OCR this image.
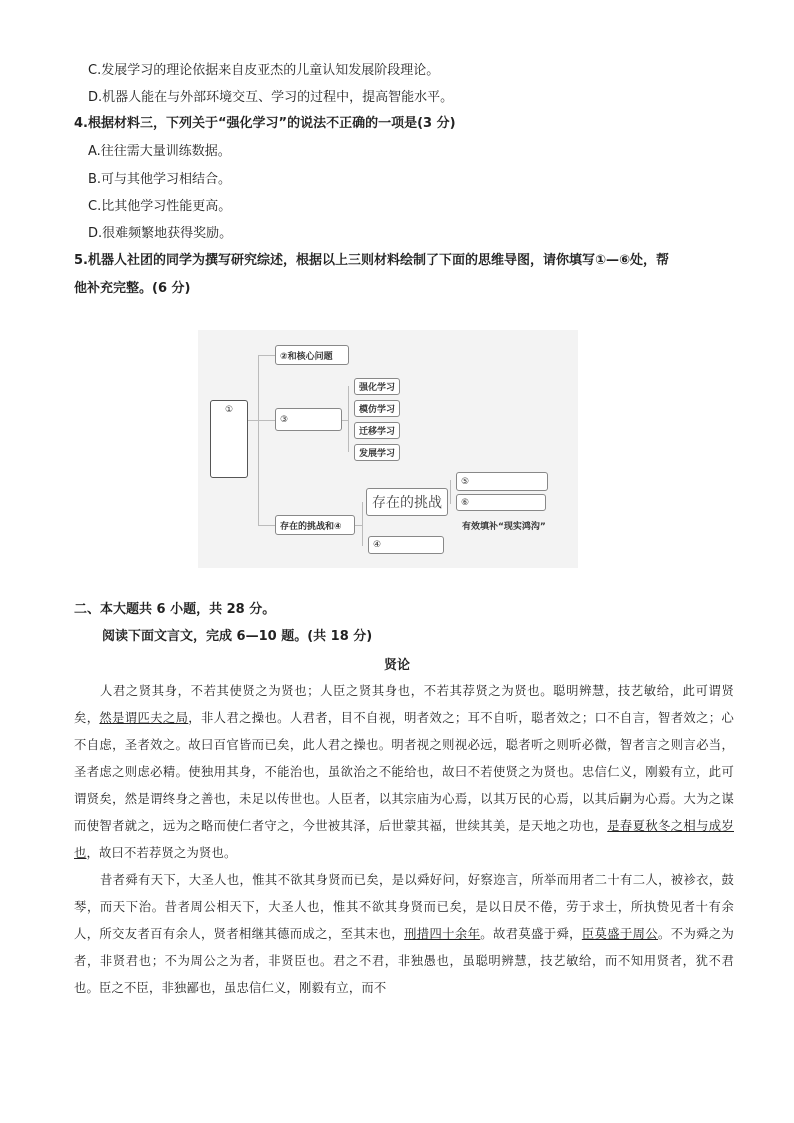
C.发展学习的理论依据来自皮亚杰的儿童认知发展阶段理论。
D.机器人能在与外部环境交互、学习的过程中，提高智能水平。
4.根据材料三，下列关于“强化学习”的说法不正确的一项是(3 分)
A.往往需大量训练数据。
B.可与其他学习相结合。
C.比其他学习性能更高。
D.很难频繁地获得奖励。
5.机器人社团的同学为撰写研究综述，根据以上三则材料绘制了下面的思维导图，请你填写①—⑥处，帮
他补充完整。(6 分)
①
②和核心问题
③
强化学习
模仿学习
迁移学习
发展学习
存在的挑战和④
存在的挑战
⑤
⑥
有效填补“现实鸿沟”
④
二、本大题共 6 小题，共 28 分。
阅读下面文言文，完成 6—10 题。(共 18 分)
贤论

人君之贤其身，不若其使贤之为贤也；人臣之贤其身也，不若其荐贤之为贤也。聪明辨慧，技艺敏给，此可谓贤矣，然是谓匹夫之局，非人君之操也。人君者，目不自视，明者效之；耳不自听，聪者效之；口不自言，智者效之；心不自虑，圣者效之。故曰百官皆而已矣，此人君之操也。明者视之则视必远，聪者听之则听必微，智者言之则言必当，圣者虑之则虑必精。使独用其身，不能治也，虽欲治之不能给也，故曰不若使贤之为贤也。忠信仁义，刚毅有立，此可谓贤矣，然是谓终身之善也，未足以传世也。人臣者，以其宗庙为心焉，以其万民的心焉，以其后嗣为心焉。大为之谋而使智者就之，远为之略而使仁者守之，今世被其泽，后世蒙其福，世续其美，是天地之功也，是春夏秋冬之相与成岁也，故曰不若荐贤之为贤也。

昔者舜有天下，大圣人也，惟其不欲其身贤而已矣，是以舜好问，好察迩言，所举而用者二十有二人，被袗衣，鼓琴，而天下治。昔者周公相天下，大圣人也，惟其不欲其身贤而已矣，是以日昃不倦，劳于求士，所执贽见者十有余人，所交友者百有余人，贤者相继其德而成之，至其末也，刑措四十余年。故君莫盛于舜，臣莫盛于周公。不为舜之为者，非贤君也；不为周公之为者，非贤臣也。君之不君，非独愚也，虽聪明辨慧，技艺敏给，而不知用贤者，犹不君也。臣之不臣，非独鄙也，虽忠信仁义，刚毅有立，而不
